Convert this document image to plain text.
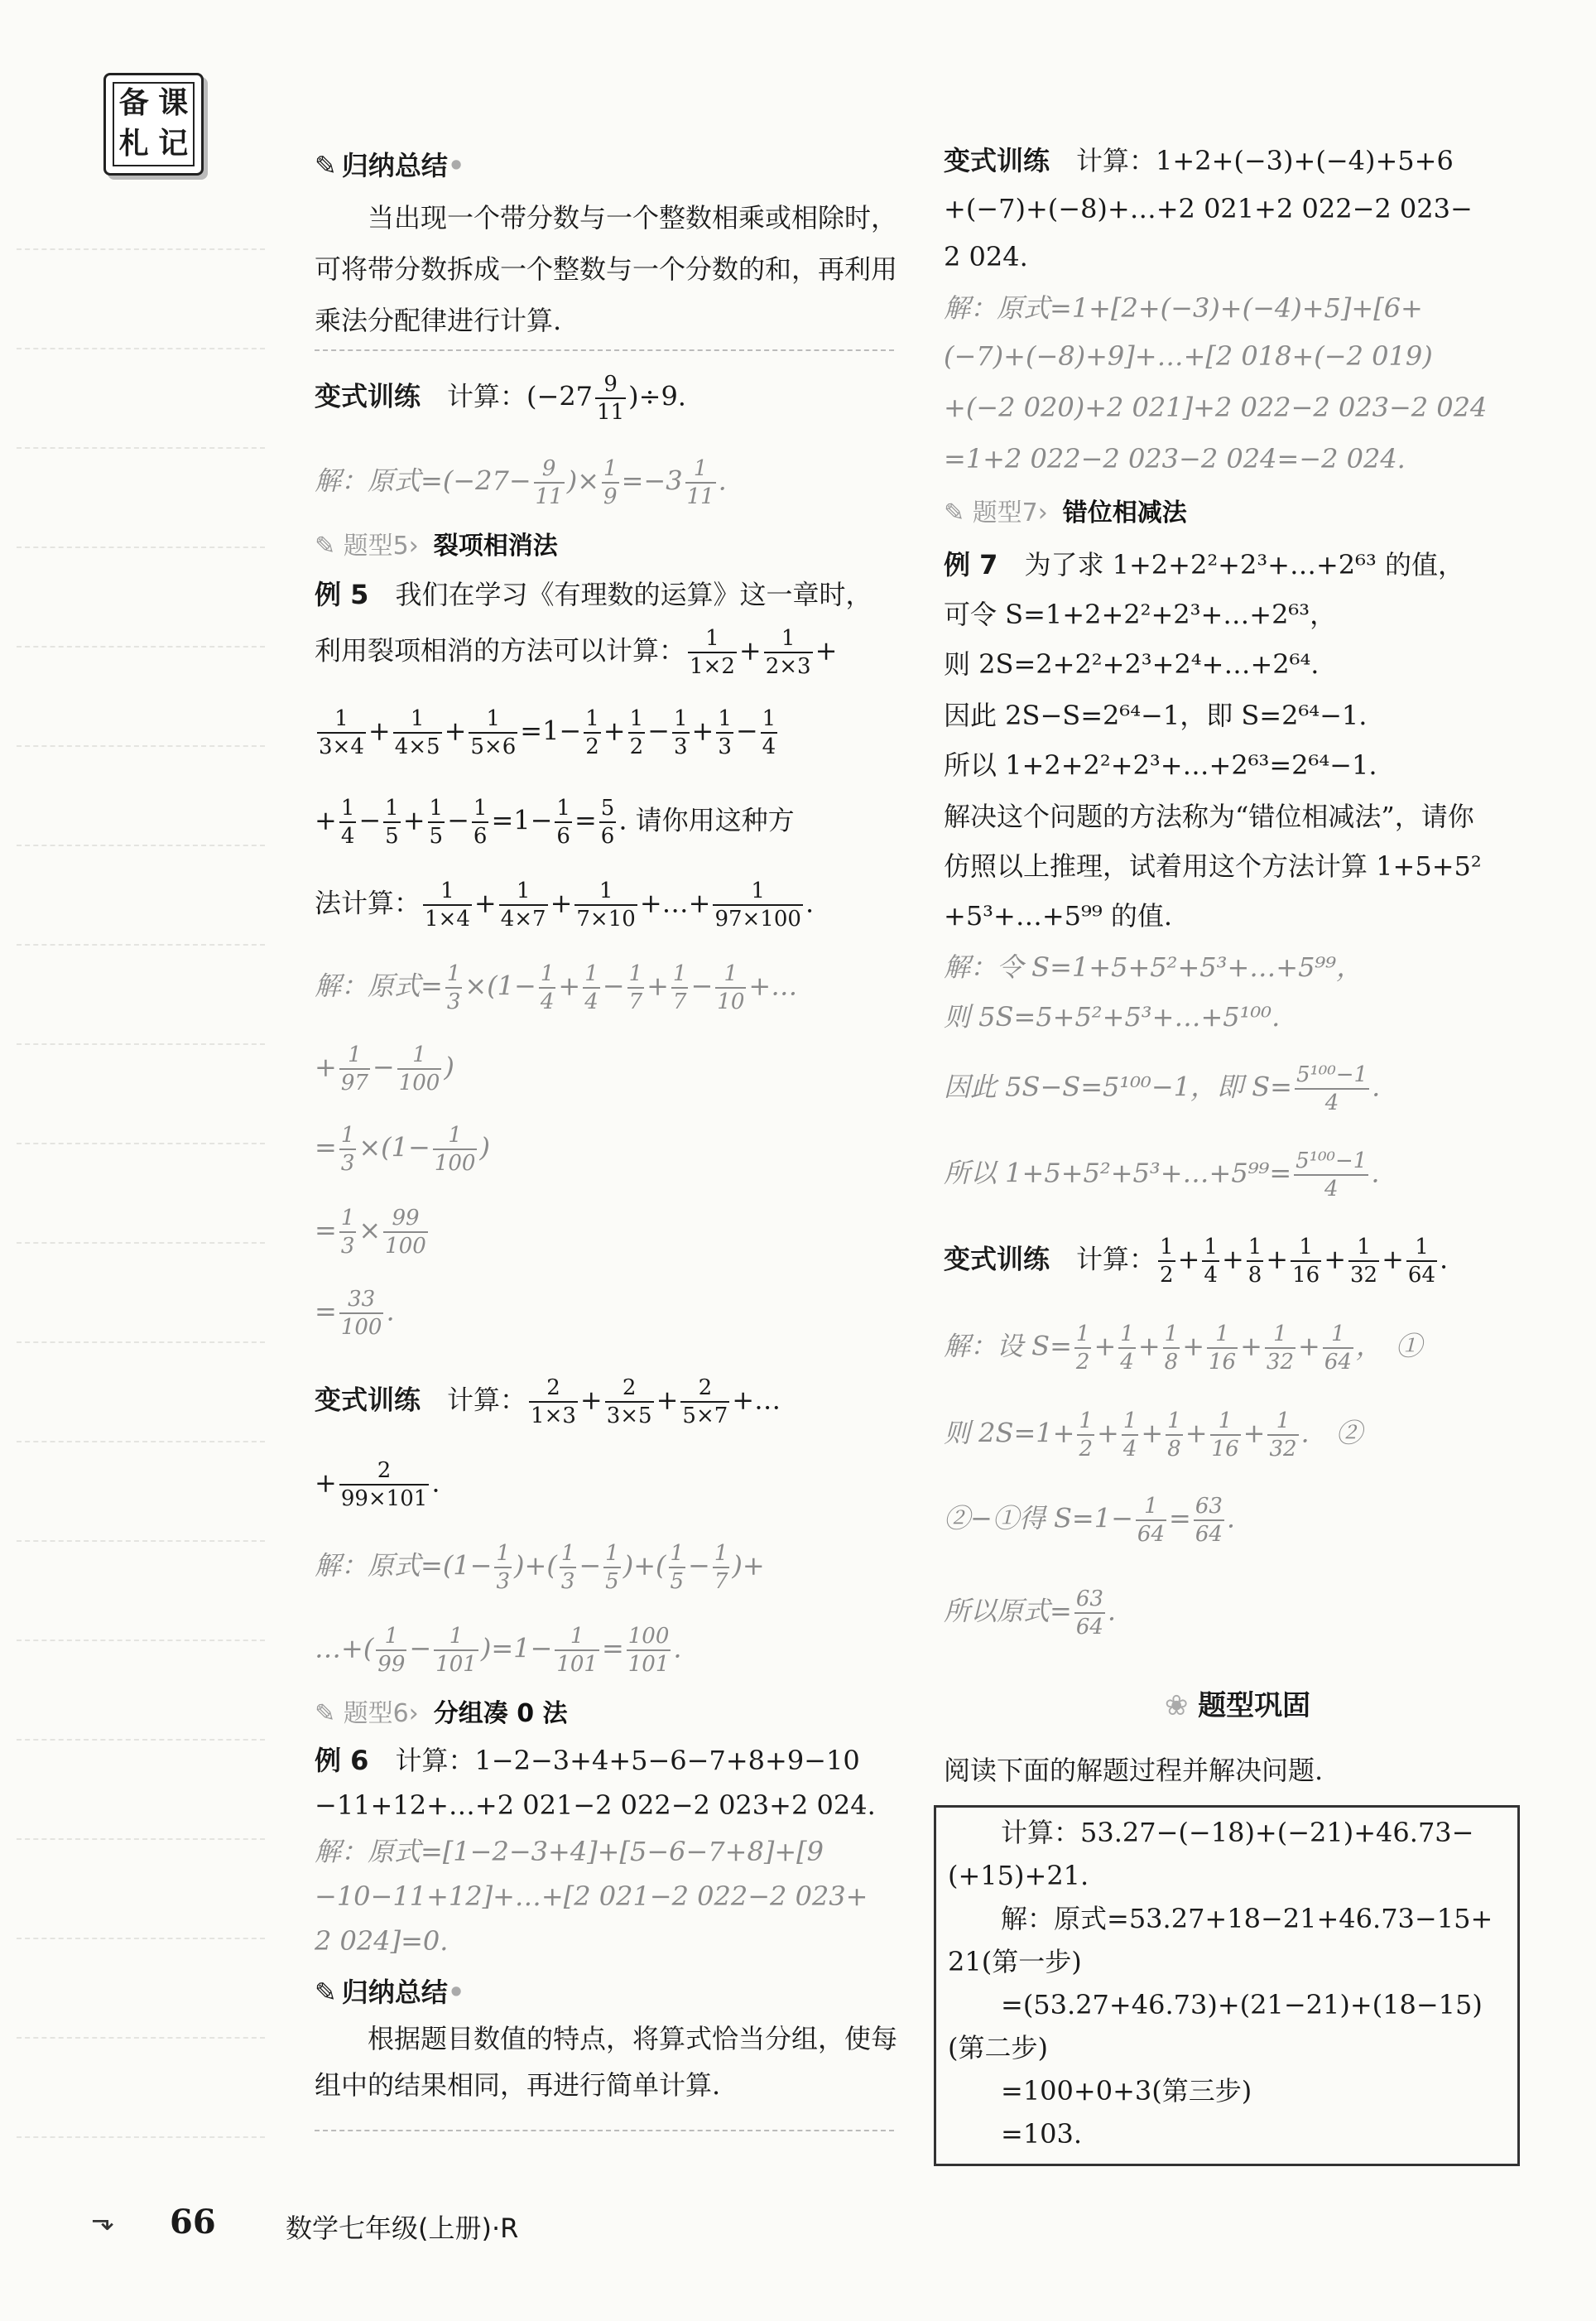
备 课
札 记
✎ 归纳总结•
当出现一个带分数与一个整数相乘或相除时，可将带分数拆成一个整数与一个分数的和，再利用乘法分配律进行计算.
变式训练　计算：$(-27 \frac{9}{11} )\div 9$.
解：原式$=(-27- \frac{9}{11}$ )× $\frac{1}{9} =-3 \frac{1}{11}$ .
✎ 题型5› 裂项相消法
例 5　 我们在学习《有理数的运算》这一章时，
利用裂项相消的方法可以计算： $\frac{1}{1\times 2} + \frac{1}{2\times 3}$ +
$\frac{1}{3\times 4} + \frac{1}{4\times 5} + \frac{1}{5\times 6} =1- \frac{1}{2} + \frac{1}{2} - \frac{1}{3} + \frac{1}{3} - \frac{1}{4}$
+ $\frac{1}{4} - \frac{1}{5} + \frac{1}{5} - \frac{1}{6} =1- \frac{1}{6} = \frac{5}{6}$ . 请你用这种方
法计算： $\frac{1}{1\times 4} + \frac{1}{4\times 7} + \frac{1}{7\times 10}$ +…+ $\frac{1}{97\times 100}$ .
解：原式= $\frac{1}{3} \times(1- \frac{1}{4} + \frac{1}{4} - \frac{1}{7} + \frac{1}{7} - \frac{1}{10}$ +…
+ $\frac{1}{97} - \frac{1}{100}$ )
= $\frac{1}{3} \times(1- \frac{1}{100}$ )
= $\frac{1}{3} \times \frac{99}{100}$
= $\frac{33}{100}$ .
变式训练　计算： $\frac{2}{1\times 3} + \frac{2}{3\times 5} + \frac{2}{5\times 7}$ +…
+ $\frac{2}{99\times 101}$ .
解：原式$=(1- \frac{1}{3}$ )+( $\frac{1}{3} - \frac{1}{5}$ )+( $\frac{1}{5} - \frac{1}{7}$ )+
…+( $\frac{1}{99} - \frac{1}{101} )=1- \frac{1}{101} = \frac{100}{101}$ .
✎ 题型6› 分组凑 0 法
例 6　 计算：1−2−3+4+5−6−7+8+9−10
−11+12+…+2 021−2 022−2 023+2 024.
解：原式=[1−2−3+4]+[5−6−7+8]+[9
−10−11+12]+…+[2 021−2 022−2 023+
2 024]=0.
✎ 归纳总结•
根据题目数值的特点，将算式恰当分组，使每组中的结果相同，再进行简单计算.
变式训练　 计算：1+2+(−3)+(−4)+5+6
+(−7)+(−8)+…+2 021+2 022−2 023−
2 024.
解：原式=1+[2+(−3)+(−4)+5]+[6+
(−7)+(−8)+9]+…+[2 018+(−2 019)
+(−2 020)+2 021]+2 022−2 023−2 024
=1+2 022−2 023−2 024=−2 024.
✎ 题型7› 错位相减法
例 7　 为了求 1+2+2²+2³+…+2⁶³ 的值，
可令 S=1+2+2²+2³+…+2⁶³，
则 2S=2+2²+2³+2⁴+…+2⁶⁴.
因此 2S−S=2⁶⁴−1，即 S=2⁶⁴−1.
所以 1+2+2²+2³+…+2⁶³=2⁶⁴−1.
解决这个问题的方法称为“错位相减法”，请你
仿照以上推理，试着用这个方法计算 1+5+5²
+5³+…+5⁹⁹ 的值.
解：令 S=1+5+5²+5³+…+5⁹⁹，
则 5S=5+5²+5³+…+5¹⁰⁰.
因此 5S−S=5¹⁰⁰−1，即 $S= \frac{\text{5¹⁰⁰−1}}{4}$ .
所以 1+5+5²+5³+…+5⁹⁹= $\frac{\text{5¹⁰⁰−1}}{4}$ .
变式训练　计算： $\frac{1}{2} + \frac{1}{4} + \frac{1}{8} + \frac{1}{16} + \frac{1}{32} + \frac{1}{64}$ .
解：设 $S= \frac{1}{2} + \frac{1}{4} + \frac{1}{8} + \frac{1}{16} + \frac{1}{32} + \frac{1}{64}$ ，　①
则 $2S=1+ \frac{1}{2} + \frac{1}{4} + \frac{1}{8} + \frac{1}{16} + \frac{1}{32}$ .　②
②−①得 $S=1- \frac{1}{64} = \frac{63}{64}$ .
所以原式= $\frac{63}{64}$ .
❀ 题型巩固
阅读下面的解题过程并解决问题.
计算：53.27−(−18)+(−21)+46.73−
(+15)+21.
解：原式=53.27+18−21+46.73−15+
21(第一步)
=(53.27+46.73)+(21−21)+(18−15)
(第二步)
=100+0+3(第三步)
=103.
⬎ 66	数学七年级(上册)·R
